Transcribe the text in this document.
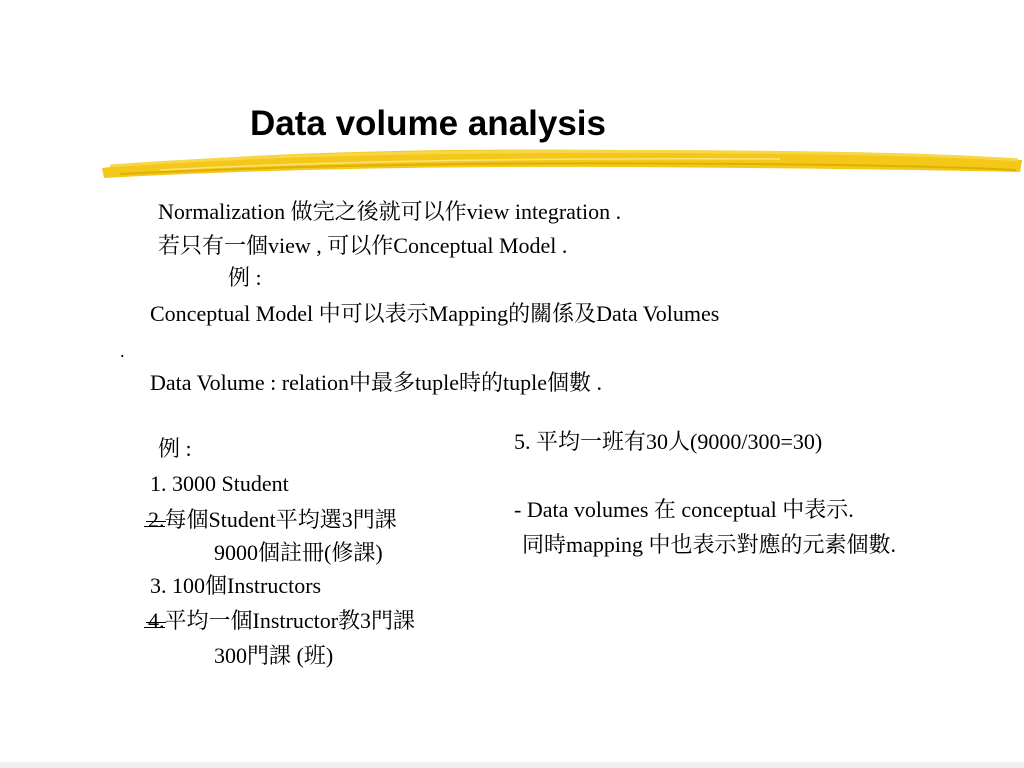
Data volume analysis
Normalization 做完之後就可以作view integration .
若只有一個view , 可以作Conceptual Model .
例 :
Conceptual Model 中可以表示Mapping的關係及Data Volumes
.
Data Volume : relation中最多tuple時的tuple個數 .
例 :
1. 3000 Student
2.每個Student平均選3門課
9000個註冊(修課)
3. 100個Instructors
4.平均一個Instructor教3門課
300門課 (班)
5. 平均一班有30人(9000/300=30)
- Data volumes 在 conceptual 中表示.
同時mapping 中也表示對應的元素個數.
